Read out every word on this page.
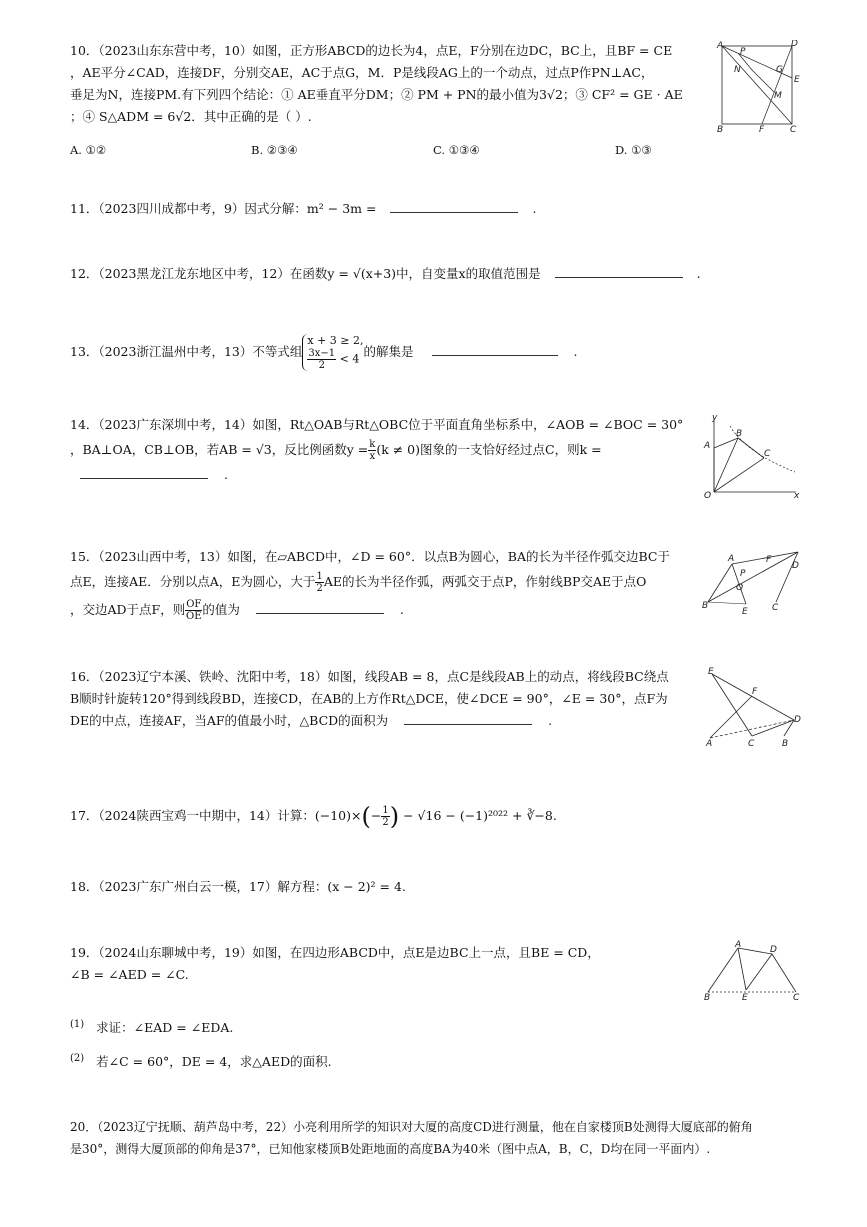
10．（2023山东东营中考，10）如图，正方形ABCD的边长为4，点E，F分别在边DC，BC上，且BF = CE

，AE平分∠CAD，连接DF，分别交AE，AC于点G，M．P是线段AG上的一个动点，过点P作PN⊥AC，

垂足为N，连接PM.有下列四个结论：① AE垂直平分DM；② PM + PN的最小值为3√2；③ CF² = GE · AE

；④ S△ADM = 6√2．其中正确的是（ ）.

A	D
P
G
E
N
M
B	F	C
A. ①②	B. ②③④	C. ①③④	D. ①③

11．（2023四川成都中考，9）因式分解：m² − 3m =	.

12．（2023黑龙江龙东地区中考，12）在函数y = √(x+3)中，自变量x的取值范围是	.

13．（2023浙江温州中考，13）不等式组
x + 3 ≥ 2,
$\frac{3x-1}{2} < 4$ 的解集是	.

14．（2023广东深圳中考，14）如图，Rt△OAB与Rt△OBC位于平面直角坐标系中，∠AOB = ∠BOC = 30°

，BA⊥OA，CB⊥OB，若AB = √3，反比例函数$y = \frac{k}{x} (k \ne 0)$图象的一支恰好经过点C，则k =

.

y
A
B
C
O	x

15．（2023山西中考，13）如图，在▱ABCD中，∠D = 60°．以点B为圆心，BA的长为半径作弧交边BC于

点E，连接AE．分别以点A，E为圆心，大于 $\frac{1}{2}$ AE的长为半径作弧，两弧交于点P，作射线BP交AE于点O

，交边AD于点F，则 $\frac{OF}{OE}$ 的值为	.

A	F
D
O
P
B
E	C

16．（2023辽宁本溪、铁岭、沈阳中考，18）如图，线段AB = 8，点C是线段AB上的动点，将线段BC绕点

B顺时针旋转120°得到线段BD，连接CD，在AB的上方作Rt△DCE，使∠DCE = 90°，∠E = 30°，点F为

DE的中点，连接AF，当AF的值最小时，△BCD的面积为	.

E
F
D
A	C	B

17．（2024陕西宝鸡一中期中，14）计算：$(-10)\times(- \frac{1}{2}$ ) − √16 − (−1)²⁰²² + ∛−8.

18．（2023广东广州白云一模，17）解方程：(x − 2)² = 4.

19．（2024山东聊城中考，19）如图，在四边形ABCD中，点E是边BC上一点，且BE = CD，

∠B = ∠AED = ∠C.

A	D
B	E	C
$^{(1)}$ 求证：∠EAD = ∠EDA.
$^{(2)}$ 若∠C = 60°，DE = 4，求△AED的面积.

20．（2023辽宁抚顺、葫芦岛中考，22）小亮利用所学的知识对大厦的高度CD进行测量，他在自家楼顶B处测得大厦底部的俯角

是30°，测得大厦顶部的仰角是37°，已知他家楼顶B处距地面的高度BA为40米（图中点A，B，C，D均在同一平面内）.
